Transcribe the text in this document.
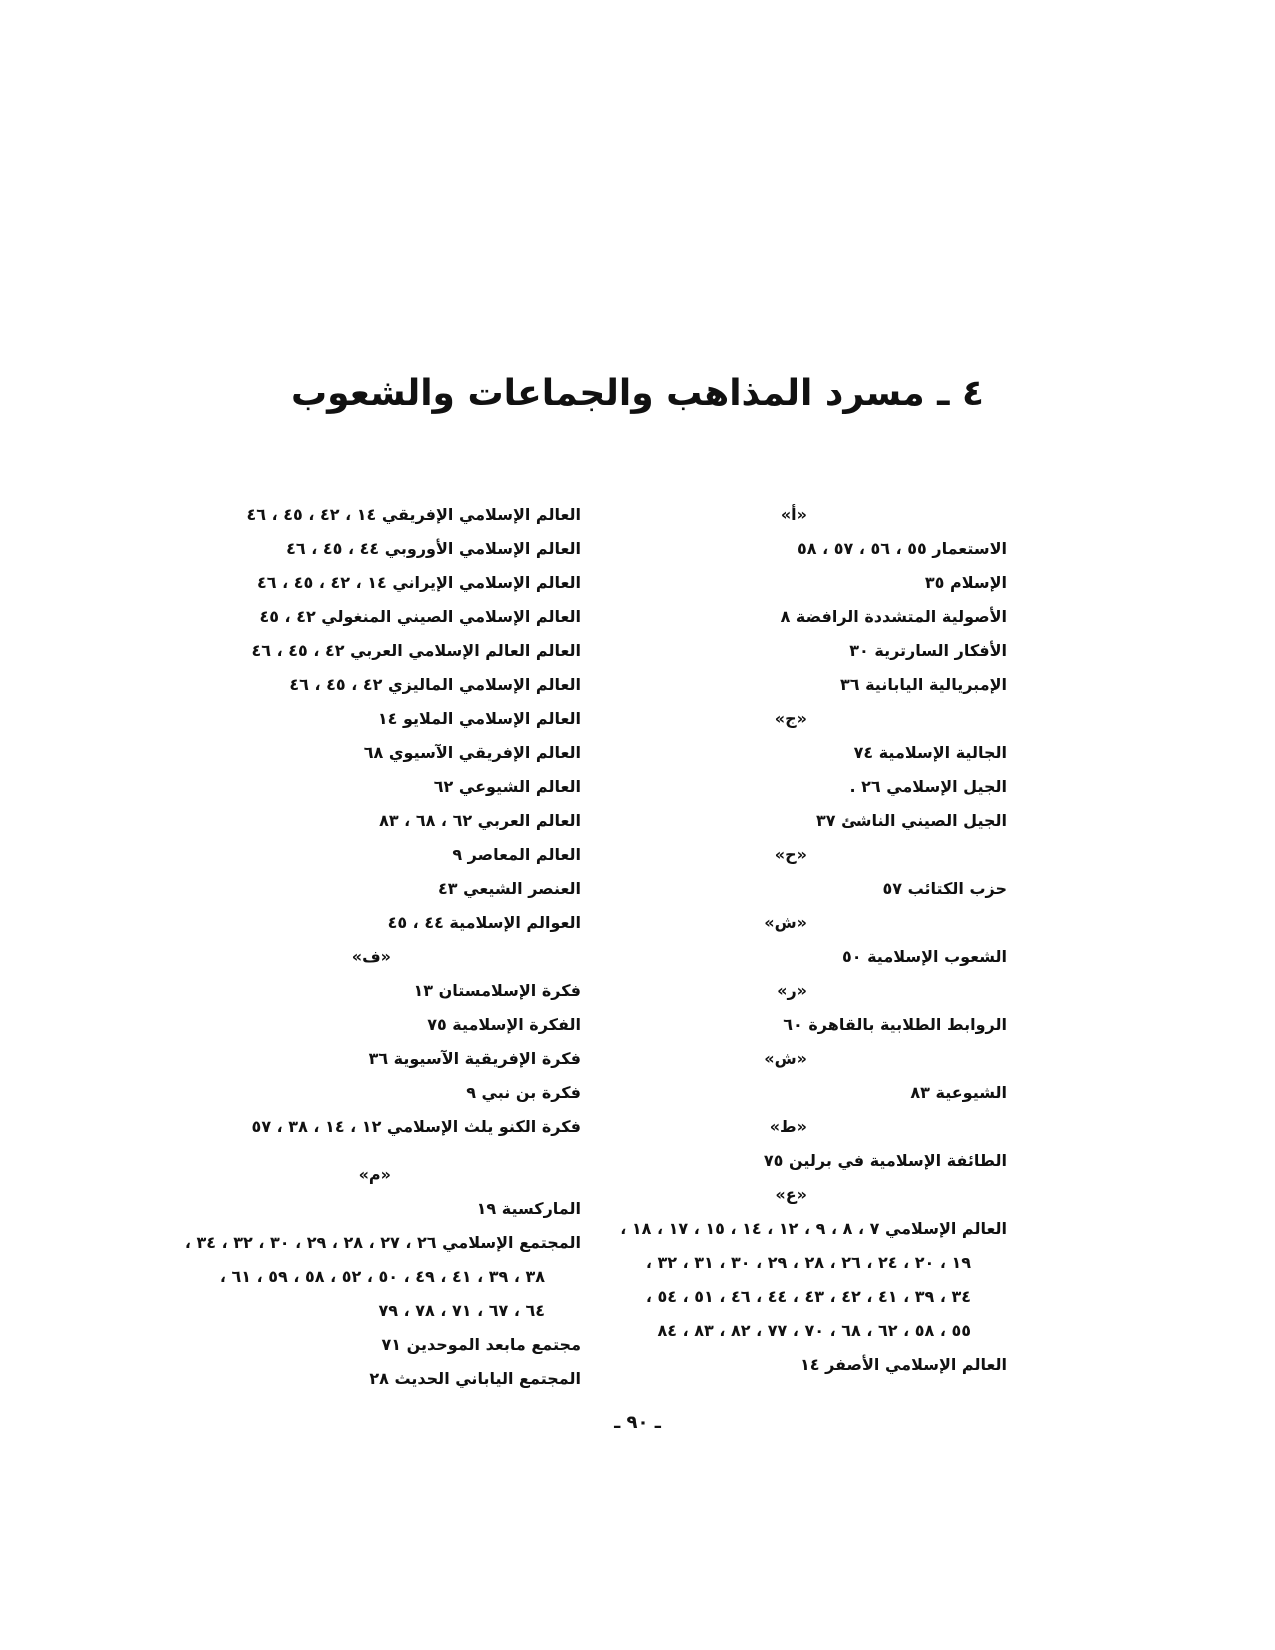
٤ ـ مسرد المذاهب والجماعات والشعوب
«أ»
الاستعمار ٥٥ ، ٥٦ ، ٥٧ ، ٥٨
الإسلام ٣٥
الأصولية المتشددة الرافضة ٨
الأفكار السارترية ٣٠
الإمبريالية اليابانية ٣٦
«ج»
الجالية الإسلامية ٧٤
الجيل الإسلامي ٢٦ .
الجيل الصيني الناشئ ٣٧
«ح»
حزب الكتائب ٥٧
«ش»
الشعوب الإسلامية ٥٠
«ر»
الروابط الطلابية بالقاهرة ٦٠
«ش»
الشيوعية ٨٣
«ط»
الطائفة الإسلامية في برلين ٧٥
«ع»
العالم الإسلامي ٧ ، ٨ ، ٩ ، ١٢ ، ١٤ ، ١٥ ، ١٧ ، ١٨ ،
١٩ ، ٢٠ ، ٢٤ ، ٢٦ ، ٢٨ ، ٢٩ ، ٣٠ ، ٣١ ، ٣٢ ،
٣٤ ، ٣٩ ، ٤١ ، ٤٢ ، ٤٣ ، ٤٤ ، ٤٦ ، ٥١ ، ٥٤ ،
٥٥ ، ٥٨ ، ٦٢ ، ٦٨ ، ٧٠ ، ٧٧ ، ٨٢ ، ٨٣ ، ٨٤
العالم الإسلامي الأصفر ١٤
العالم الإسلامي الإفريقي ١٤ ، ٤٢ ، ٤٥ ، ٤٦
العالم الإسلامي الأوروبي ٤٤ ، ٤٥ ، ٤٦
العالم الإسلامي الإيراني ١٤ ، ٤٢ ، ٤٥ ، ٤٦
العالم الإسلامي الصيني المنغولي ٤٢ ، ٤٥
العالم العالم الإسلامي العربي ٤٢ ، ٤٥ ، ٤٦
العالم الإسلامي الماليزي ٤٢ ، ٤٥ ، ٤٦
العالم الإسلامي الملايو ١٤
العالم الإفريقي الآسيوي ٦٨
العالم الشيوعي ٦٢
العالم العربي ٦٢ ، ٦٨ ، ٨٣
العالم المعاصر ٩
العنصر الشيعي ٤٣
العوالم الإسلامية ٤٤ ، ٤٥
«ف»
فكرة الإسلامستان ١٣
الفكرة الإسلامية ٧٥
فكرة الإفريقية الآسيوية ٣٦
فكرة بن نبي ٩
فكرة الكنو يلث الإسلامي ١٢ ، ١٤ ، ٣٨ ، ٥٧
«م»
الماركسية ١٩
المجتمع الإسلامي ٢٦ ، ٢٧ ، ٢٨ ، ٢٩ ، ٣٠ ، ٣٢ ، ٣٤ ،
٣٨ ، ٣٩ ، ٤١ ، ٤٩ ، ٥٠ ، ٥٢ ، ٥٨ ، ٥٩ ، ٦١ ،
٦٤ ، ٦٧ ، ٧١ ، ٧٨ ، ٧٩
مجتمع مابعد الموحدين ٧١
المجتمع الياباني الحديث ٢٨
ـ ٩٠ ـ
